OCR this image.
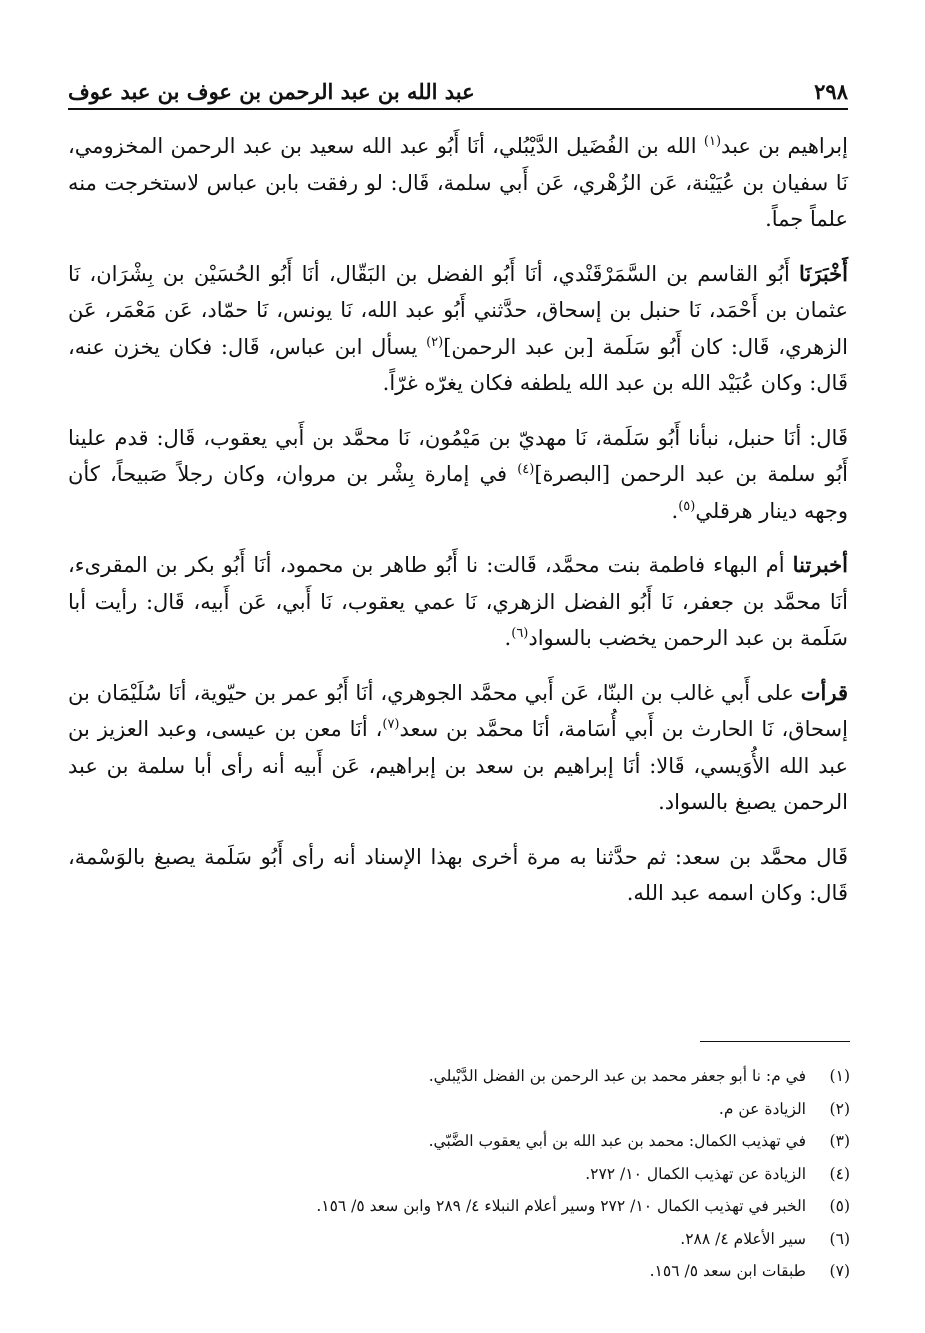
٢٩٨
عبد الله بن عبد الرحمن بن عوف بن عبد عوف

إبراهيم بن عبد$^{(١)}$ الله بن الفُضَيل الدَّيْبُلي، أنَا أَبُو عبد الله سعيد بن عبد الرحمن المخزومي، نَا سفيان بن عُيَيْنة، عَن الزُهْري، عَن أَبي سلمة، قَال: لو رفقت بابن عباس لاستخرجت منه علماً جماً.

أَخْبَرَنَا أَبُو القاسم بن السَّمَرْقَنْدي، أنَا أَبُو الفضل بن البَقّال، أنَا أَبُو الحُسَيْن بن بِشْرَان، نَا عثمان بن أَحْمَد، نَا حنبل بن إسحاق، حدَّثني أَبُو عبد الله، نَا يونس، نَا حمّاد، عَن مَعْمَر، عَن الزهري، قَال: كان أَبُو سَلَمة [بن عبد الرحمن]$^{(٢)}$ يسأل ابن عباس، قَال: فكان يخزن عنه، قَال: وكان عُبَيْد الله بن عبد الله يلطفه فكان يغرّه غرّاً.

قَال: أنَا حنبل، نبأنا أَبُو سَلَمة، نَا مهديّ بن مَيْمُون، نَا محمَّد بن أَبي يعقوب، قَال: قدم علينا أَبُو سلمة بن عبد الرحمن [البصرة]$^{(٤)}$ في إمارة بِشْر بن مروان، وكان رجلاً صَبيحاً، كأن وجهه دينار هرقلي$^{(٥)}$.

أخبرتنا أم البهاء فاطمة بنت محمَّد، قَالت: نا أَبُو طاهر بن محمود، أنَا أَبُو بكر بن المقرىء، أنَا محمَّد بن جعفر، نَا أَبُو الفضل الزهري، نَا عمي يعقوب، نَا أَبي، عَن أَبيه، قَال: رأيت أبا سَلَمة بن عبد الرحمن يخضب بالسواد$^{(٦)}$.

قرأت على أَبي غالب بن البنّا، عَن أَبي محمَّد الجوهري، أنَا أَبُو عمر بن حيّوية، أنَا سُلَيْمَان بن إسحاق، نَا الحارث بن أَبي أُسَامة، أنَا محمَّد بن سعد$^{(٧)}$، أنَا معن بن عيسى، وعبد العزيز بن عبد الله الأُوَيسي، قَالا: أنَا إبراهيم بن سعد بن إبراهيم، عَن أَبيه أنه رأى أبا سلمة بن عبد الرحمن يصبغ بالسواد.

قَال محمَّد بن سعد: ثم حدَّثنا به مرة أخرى بهذا الإسناد أنه رأى أَبُو سَلَمة يصبغ بالوَسْمة، قَال: وكان اسمه عبد الله.

(١)
في م: نا أبو جعفر محمد بن عبد الرحمن بن الفضل الدَّيْبلي.
(٢)
الزيادة عن م.
(٣)
في تهذيب الكمال: محمد بن عبد الله بن أبي يعقوب الضَّبّي.
(٤)
الزيادة عن تهذيب الكمال ١٠/ ٢٧٢.
(٥)
الخبر في تهذيب الكمال ١٠/ ٢٧٢ وسير أعلام النبلاء ٤/ ٢٨٩ وابن سعد ٥/ ١٥٦.
(٦)
سير الأعلام ٤/ ٢٨٨.
(٧)
طبقات ابن سعد ٥/ ١٥٦.
